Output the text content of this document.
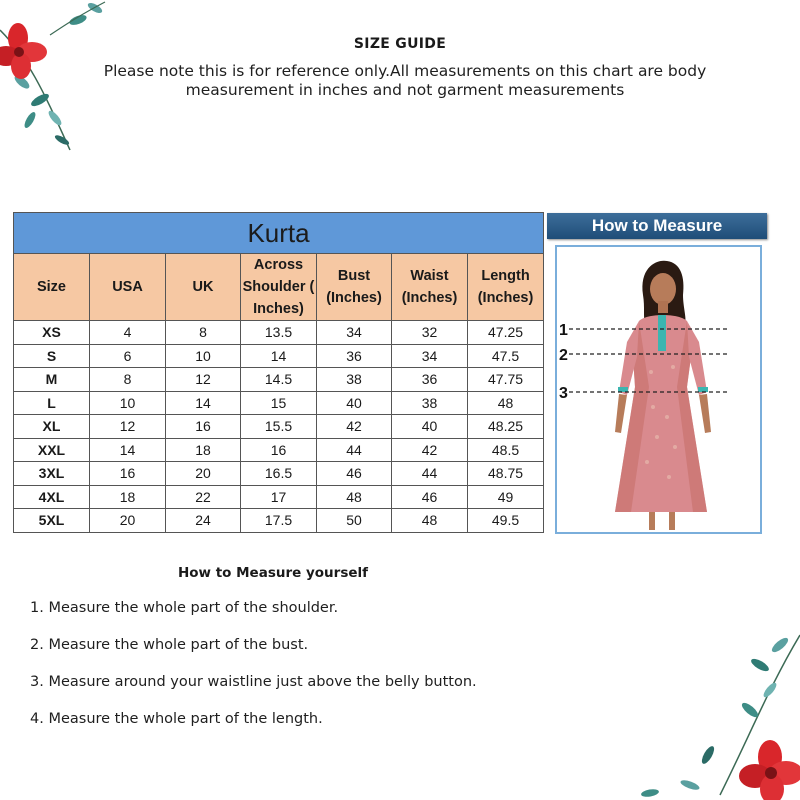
SIZE GUIDE
Please note this is for reference only.All measurements on this chart are body measurement in inches and not garment measurements
Kurta						
Size	USA	UK	Across Shoulder ( Inches)	Bust (Inches)	Waist (Inches)	Length (Inches)
XS	4	8	13.5	34	32	47.25
S	6	10	14	36	34	47.5
M	8	12	14.5	38	36	47.75
L	10	14	15	40	38	48
XL	12	16	15.5	42	40	48.25
XXL	14	18	16	44	42	48.5
3XL	16	20	16.5	46	44	48.75
4XL	18	22	17	48	46	49
5XL	20	24	17.5	50	48	49.5
How to Measure
1
2
3
How to Measure yourself
1. Measure the whole part of the shoulder.
2. Measure the whole part of the bust.
3. Measure around your waistline just above the belly button.
4. Measure the whole part of the length.
